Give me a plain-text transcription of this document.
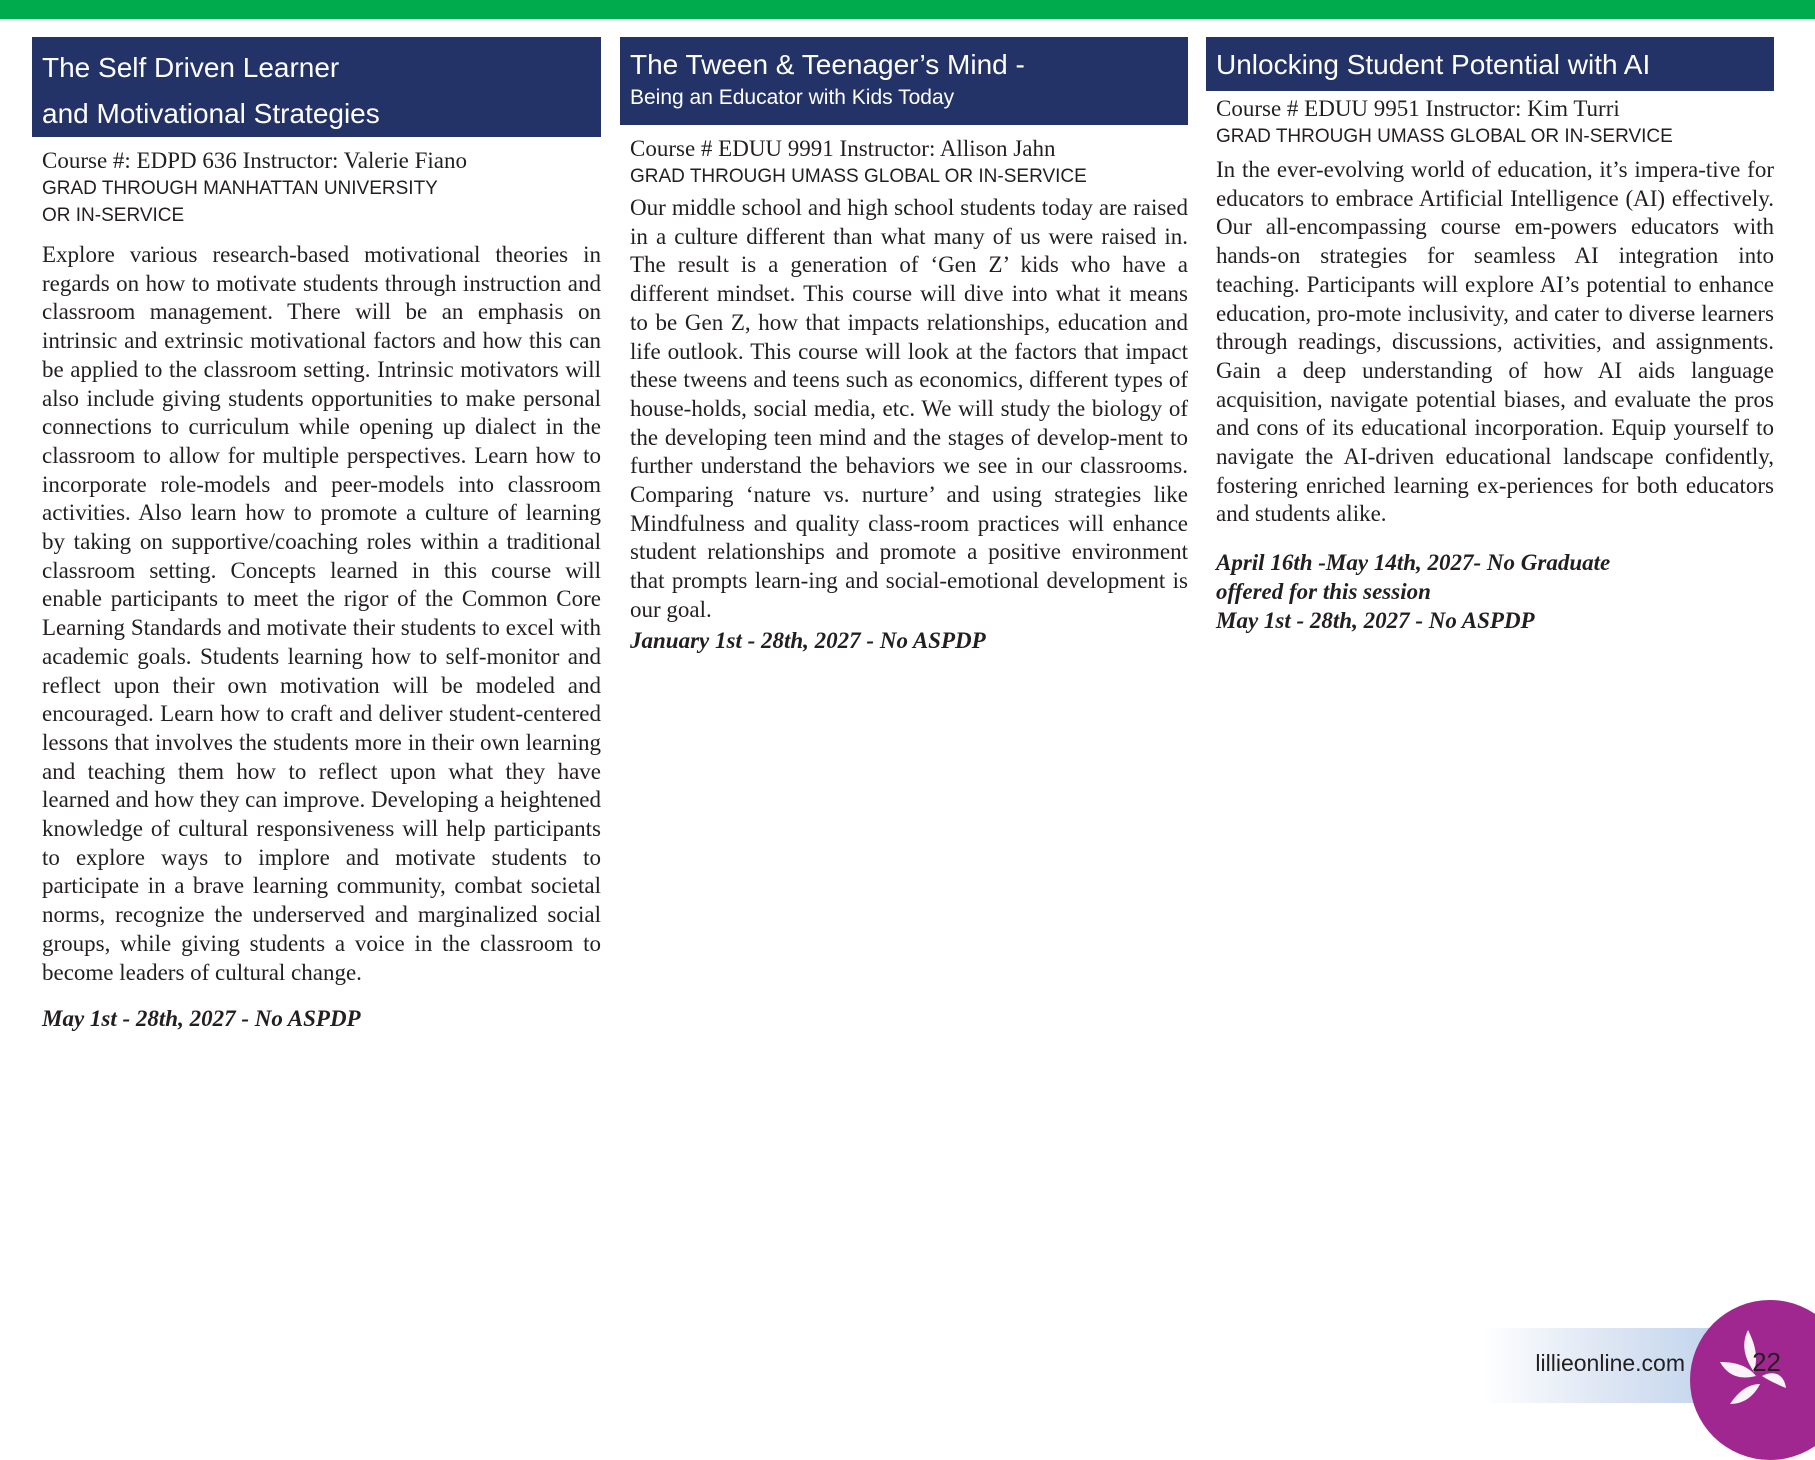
The Self Driven Learner
and Motivational Strategies
Course #: EDPD 636 Instructor: Valerie Fiano
GRAD THROUGH MANHATTAN UNIVERSITY
OR IN-SERVICE
Explore various research-based motivational theories in regards on how to motivate students through instruction and classroom management. There will be an emphasis on intrinsic and extrinsic motivational factors and how this can be applied to the classroom setting. Intrinsic motivators will also include giving students opportunities to make personal connections to curriculum while opening up dialect in the classroom to allow for multiple perspectives. Learn how to incorporate role-models and peer-models into classroom activities. Also learn how to promote a culture of learning by taking on supportive/coaching roles within a traditional classroom setting. Concepts learned in this course will enable participants to meet the rigor of the Common Core Learning Standards and motivate their students to excel with academic goals. Students learning how to self-monitor and reflect upon their own motivation will be modeled and encouraged. Learn how to craft and deliver student-centered lessons that involves the students more in their own learning and teaching them how to reflect upon what they have learned and how they can improve. Developing a heightened knowledge of cultural responsiveness will help participants to explore ways to implore and motivate students to participate in a brave learning community, combat societal norms, recognize the underserved and marginalized social groups, while giving students a voice in the classroom to become leaders of cultural change.
May 1st - 28th, 2027 - No ASPDP
The Tween & Teenager’s Mind -
Being an Educator with Kids Today
Course # EDUU 9991 Instructor: Allison Jahn
GRAD THROUGH UMASS GLOBAL OR IN-SERVICE
Our middle school and high school students today are raised in a culture different than what many of us were raised in. The result is a generation of ‘Gen Z’ kids who have a different mindset. This course will dive into what it means to be Gen Z, how that impacts relationships, education and life outlook. This course will look at the factors that impact these tweens and teens such as economics, different types of house-holds, social media, etc. We will study the biology of the developing teen mind and the stages of develop-ment to further understand the behaviors we see in our classrooms. Comparing ‘nature vs. nurture’ and using strategies like Mindfulness and quality class-room practices will enhance student relationships and promote a positive environment that prompts learn-ing and social-emotional development is our goal.
January 1st - 28th, 2027 - No ASPDP
Unlocking Student Potential with AI
Course # EDUU 9951 Instructor: Kim Turri
GRAD THROUGH UMASS GLOBAL OR IN-SERVICE
In the ever-evolving world of education, it’s impera-tive for educators to embrace Artificial Intelligence (AI) effectively. Our all-encompassing course em-powers educators with hands-on strategies for seamless AI integration into teaching. Participants will explore AI’s potential to enhance education, pro-mote inclusivity, and cater to diverse learners through readings, discussions, activities, and assignments. Gain a deep understanding of how AI aids language acquisition, navigate potential biases, and evaluate the pros and cons of its educational incorporation. Equip yourself to navigate the AI-driven educational landscape confidently, fostering enriched learning ex-periences for both educators and students alike.
April 16th -May 14th, 2027- No Graduate
offered for this session
May 1st - 28th, 2027 - No ASPDP
lillieonline.com	22
